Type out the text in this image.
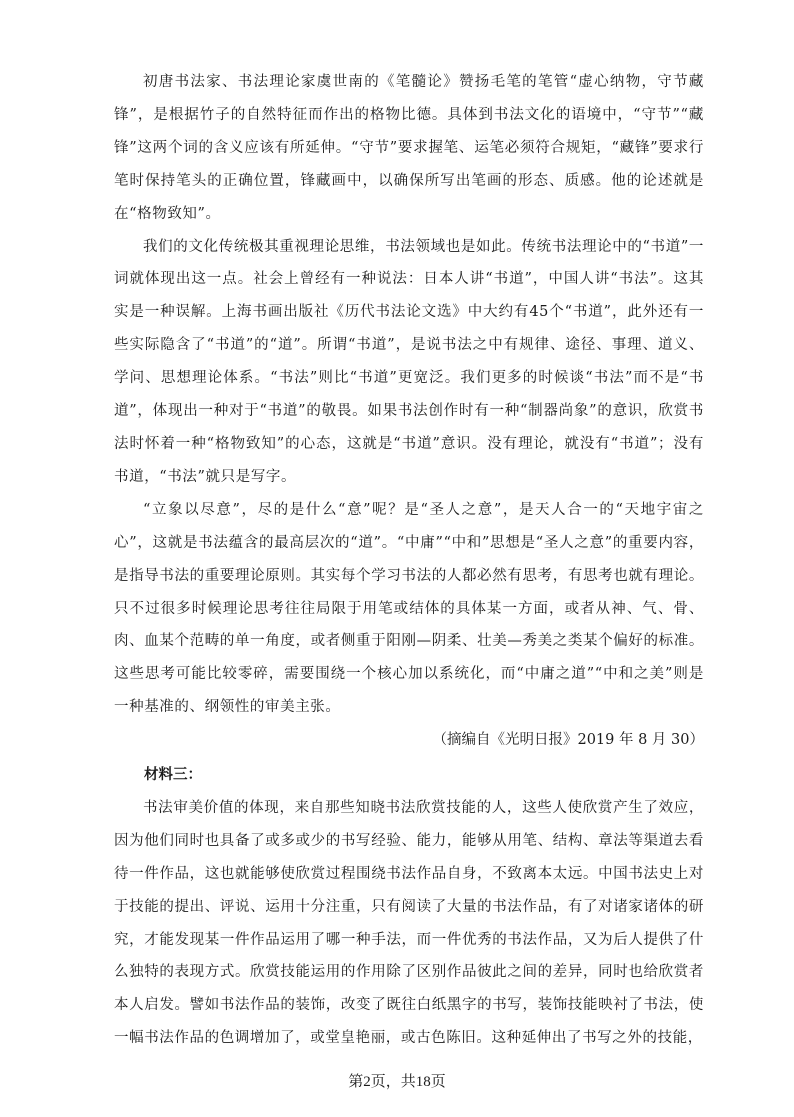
初唐书法家、书法理论家虞世南的《笔髓论》赞扬毛笔的笔管“虚心纳物，守节藏锋”，是根据竹子的自然特征而作出的格物比德。具体到书法文化的语境中，“守节”“藏锋”这两个词的含义应该有所延伸。“守节”要求握笔、运笔必须符合规矩，“藏锋”要求行笔时保持笔头的正确位置，锋藏画中，以确保所写出笔画的形态、质感。他的论述就是在“格物致知”。

我们的文化传统极其重视理论思维，书法领域也是如此。传统书法理论中的“书道”一词就体现出这一点。社会上曾经有一种说法：日本人讲“书道”，中国人讲“书法”。这其实是一种误解。上海书画出版社《历代书法论文选》中大约有45个“书道”，此外还有一些实际隐含了“书道”的“道”。所谓“书道”，是说书法之中有规律、途径、事理、道义、学问、思想理论体系。“书法”则比“书道”更宽泛。我们更多的时候谈“书法”而不是“书道”，体现出一种对于“书道”的敬畏。如果书法创作时有一种“制器尚象”的意识，欣赏书法时怀着一种“格物致知”的心态，这就是“书道”意识。没有理论，就没有“书道”；没有书道，“书法”就只是写字。

“立象以尽意”，尽的是什么“意”呢？是“圣人之意”，是天人合一的“天地宇宙之心”，这就是书法蕴含的最高层次的“道”。“中庸”“中和”思想是“圣人之意”的重要内容，是指导书法的重要理论原则。其实每个学习书法的人都必然有思考，有思考也就有理论。只不过很多时候理论思考往往局限于用笔或结体的具体某一方面，或者从神、气、骨、肉、血某个范畴的单一角度，或者侧重于阳刚—阴柔、壮美—秀美之类某个偏好的标准。这些思考可能比较零碎，需要围绕一个核心加以系统化，而“中庸之道”“中和之美”则是一种基准的、纲领性的审美主张。

（摘编自《光明日报》2019 年 8 月 30）

材料三：

书法审美价值的体现，来自那些知晓书法欣赏技能的人，这些人使欣赏产生了效应，因为他们同时也具备了或多或少的书写经验、能力，能够从用笔、结构、章法等渠道去看待一件作品，这也就能够使欣赏过程围绕书法作品自身，不致离本太远。中国书法史上对于技能的提出、评说、运用十分注重，只有阅读了大量的书法作品，有了对诸家诸体的研究，才能发现某一件作品运用了哪一种手法，而一件优秀的书法作品，又为后人提供了什么独特的表现方式。欣赏技能运用的作用除了区别作品彼此之间的差异，同时也给欣赏者本人启发。譬如书法作品的装饰，改变了既往白纸黑字的书写，装饰技能映衬了书法，使一幅书法作品的色调增加了，或堂皇艳丽，或古色陈旧。这种延伸出了书写之外的技能，

第2页，共18页
